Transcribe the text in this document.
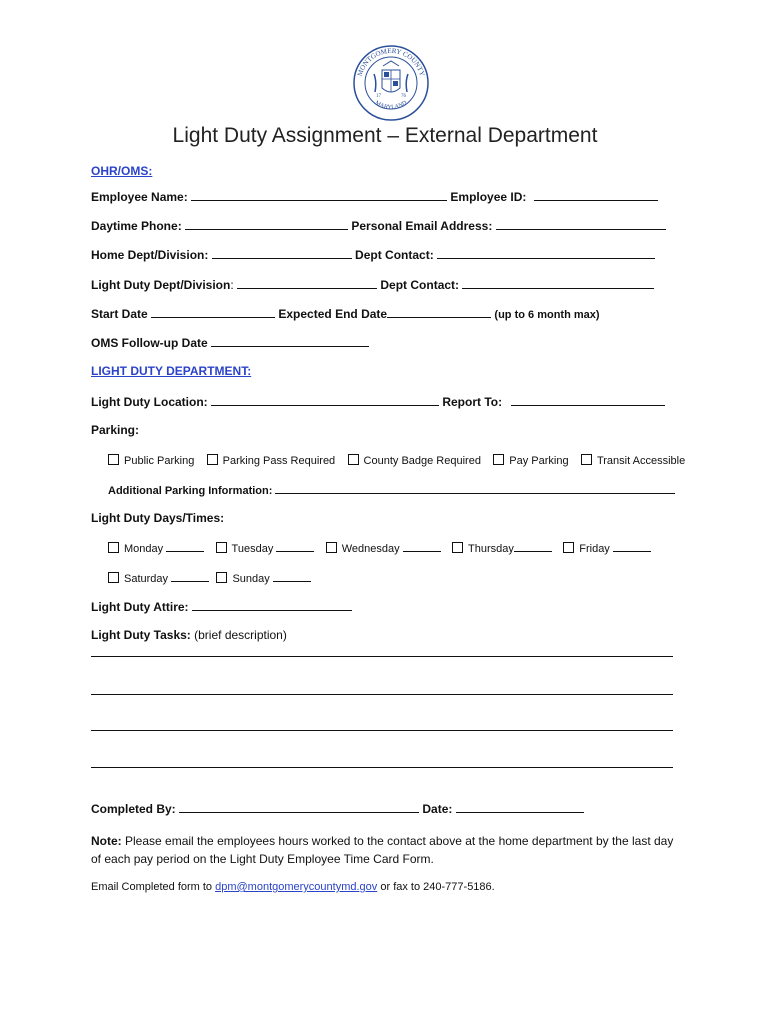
MONTGOMERY COUNTY
MARYLAND
17	76
Light Duty Assignment – External Department
OHR/OMS:
Employee Name:	Employee ID:
Daytime Phone:	Personal Email Address:
Home Dept/Division:	Dept Contact:
Light Duty Dept/Division:	Dept Contact:
Start Date	Expected End Date	(up to 6 month max)
OMS Follow-up Date
LIGHT DUTY DEPARTMENT:
Light Duty Location:	Report To:
Parking:
Public Parking	Parking Pass Required	County Badge Required	Pay Parking	Transit Accessible
Additional Parking Information:
Light Duty Days/Times:
Monday	Tuesday	Wednesday	Thursday	Friday
Saturday	Sunday
Light Duty Attire:
Light Duty Tasks: (brief description)
Completed By:	Date:
Note: Please email the employees hours worked to the contact above at the home department by the last day of each pay period on the Light Duty Employee Time Card Form.
Email Completed form to dpm@montgomerycountymd.gov or fax to 240-777-5186.
